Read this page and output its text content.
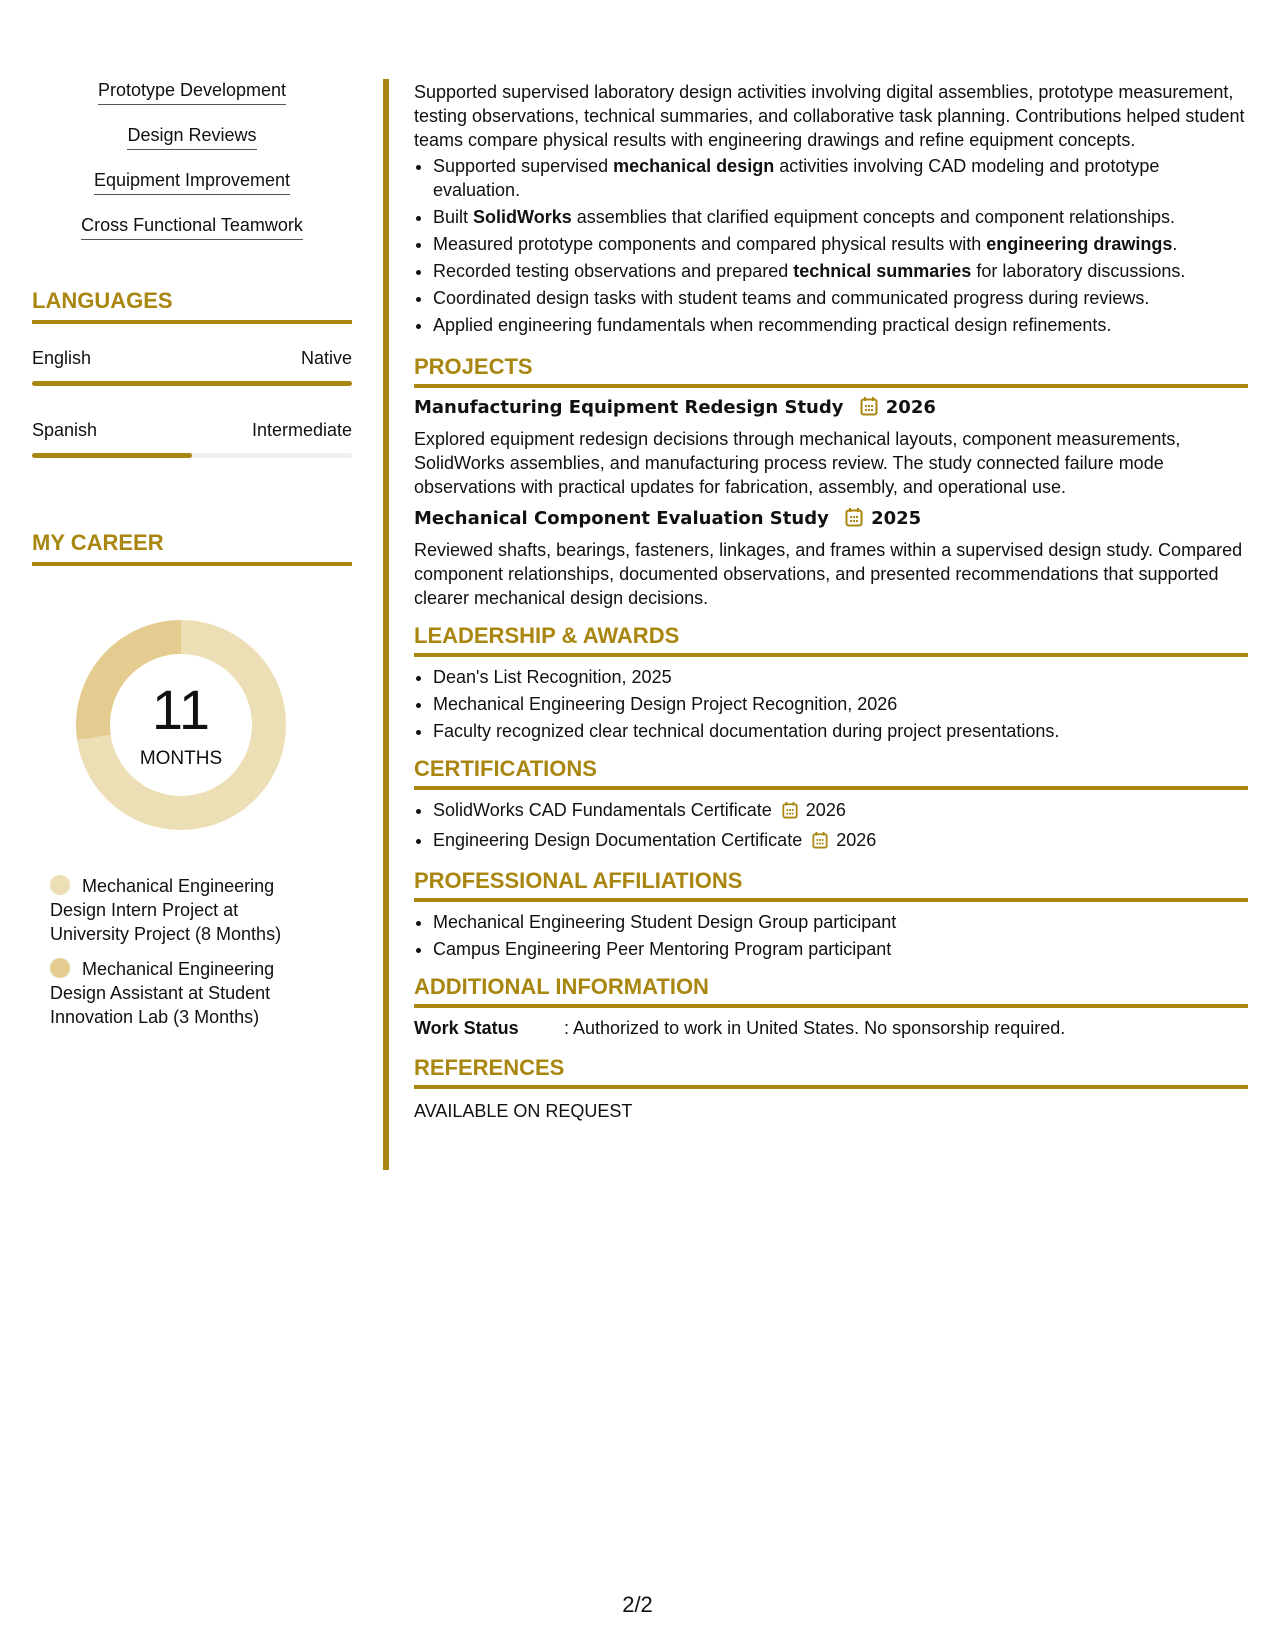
Prototype Development
Design Reviews
Equipment Improvement
Cross Functional Teamwork
LANGUAGES
English	Native
Spanish	Intermediate
MY CAREER
11
MONTHS
Mechanical Engineering Design Intern Project at University Project (8 Months)
Mechanical Engineering Design Assistant at Student Innovation Lab (3 Months)

Supported supervised laboratory design activities involving digital assemblies, prototype measurement, testing observations, technical summaries, and collaborative task planning. Contributions helped student teams compare physical results with engineering drawings and refine equipment concepts.

• Supported supervised mechanical design activities involving CAD modeling and prototype evaluation.
• Built SolidWorks assemblies that clarified equipment concepts and component relationships.
• Measured prototype components and compared physical results with engineering drawings.
• Recorded testing observations and prepared technical summaries for laboratory discussions.
• Coordinated design tasks with student teams and communicated progress during reviews.
• Applied engineering fundamentals when recommending practical design refinements.
PROJECTS
Manufacturing Equipment Redesign Study 2026

Explored equipment redesign decisions through mechanical layouts, component measurements, SolidWorks assemblies, and manufacturing process review. The study connected failure mode observations with practical updates for fabrication, assembly, and operational use.

Mechanical Component Evaluation Study 2025

Reviewed shafts, bearings, fasteners, linkages, and frames within a supervised design study. Compared component relationships, documented observations, and presented recommendations that supported clearer mechanical design decisions.

LEADERSHIP & AWARDS
• Dean's List Recognition, 2025
• Mechanical Engineering Design Project Recognition, 2026
• Faculty recognized clear technical documentation during project presentations.
CERTIFICATIONS
• SolidWorks CAD Fundamentals Certificate 2026
• Engineering Design Documentation Certificate 2026
PROFESSIONAL AFFILIATIONS
• Mechanical Engineering Student Design Group participant
• Campus Engineering Peer Mentoring Program participant
ADDITIONAL INFORMATION
Work Status	: Authorized to work in United States. No sponsorship required.
REFERENCES

AVAILABLE ON REQUEST

2/2
